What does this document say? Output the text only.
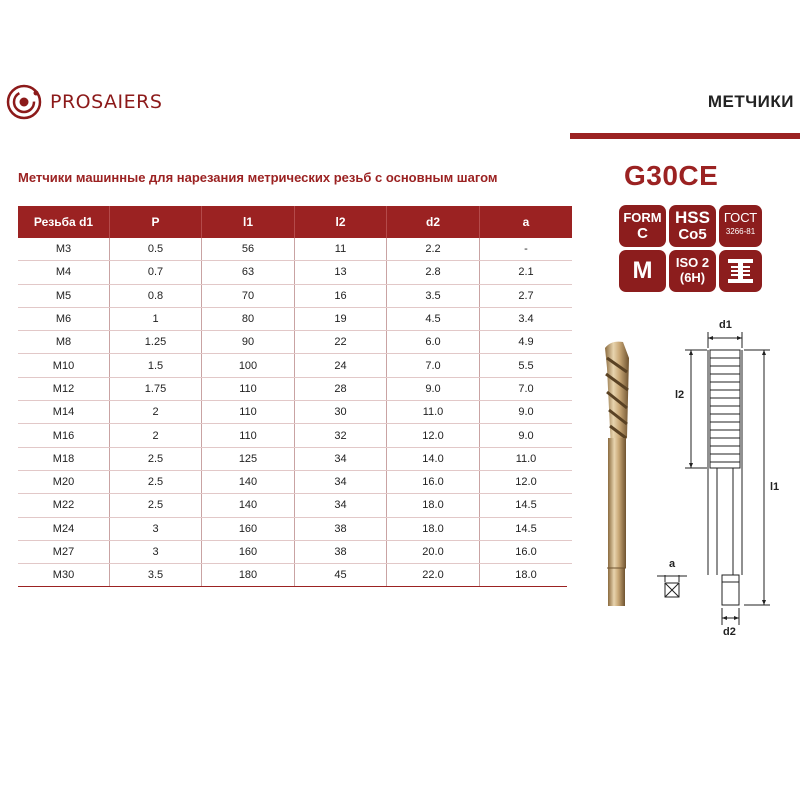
PROSAIERS	МЕТЧИКИ
Метчики машинные для нарезания метрических резьб с основным шагом	G30CE
FORM
C
HSS
Co5
ГОСТ
3266-81
M	ISO 2
(6H)
Резьба d1	P	l1	l2	d2	a
M3	0.5	56	11	2.2	-
M4	0.7	63	13	2.8	2.1
M5	0.8	70	16	3.5	2.7
M6	1	80	19	4.5	3.4
M8	1.25	90	22	6.0	4.9
M10	1.5	100	24	7.0	5.5
M12	1.75	110	28	9.0	7.0
M14	2	110	30	11.0	9.0
M16	2	110	32	12.0	9.0
M18	2.5	125	34	14.0	11.0
M20	2.5	140	34	16.0	12.0
M22	2.5	140	34	18.0	14.5
M24	3	160	38	18.0	14.5
M27	3	160	38	20.0	16.0
M30	3.5	180	45	22.0	18.0
d1
l2
l1
a
d2
